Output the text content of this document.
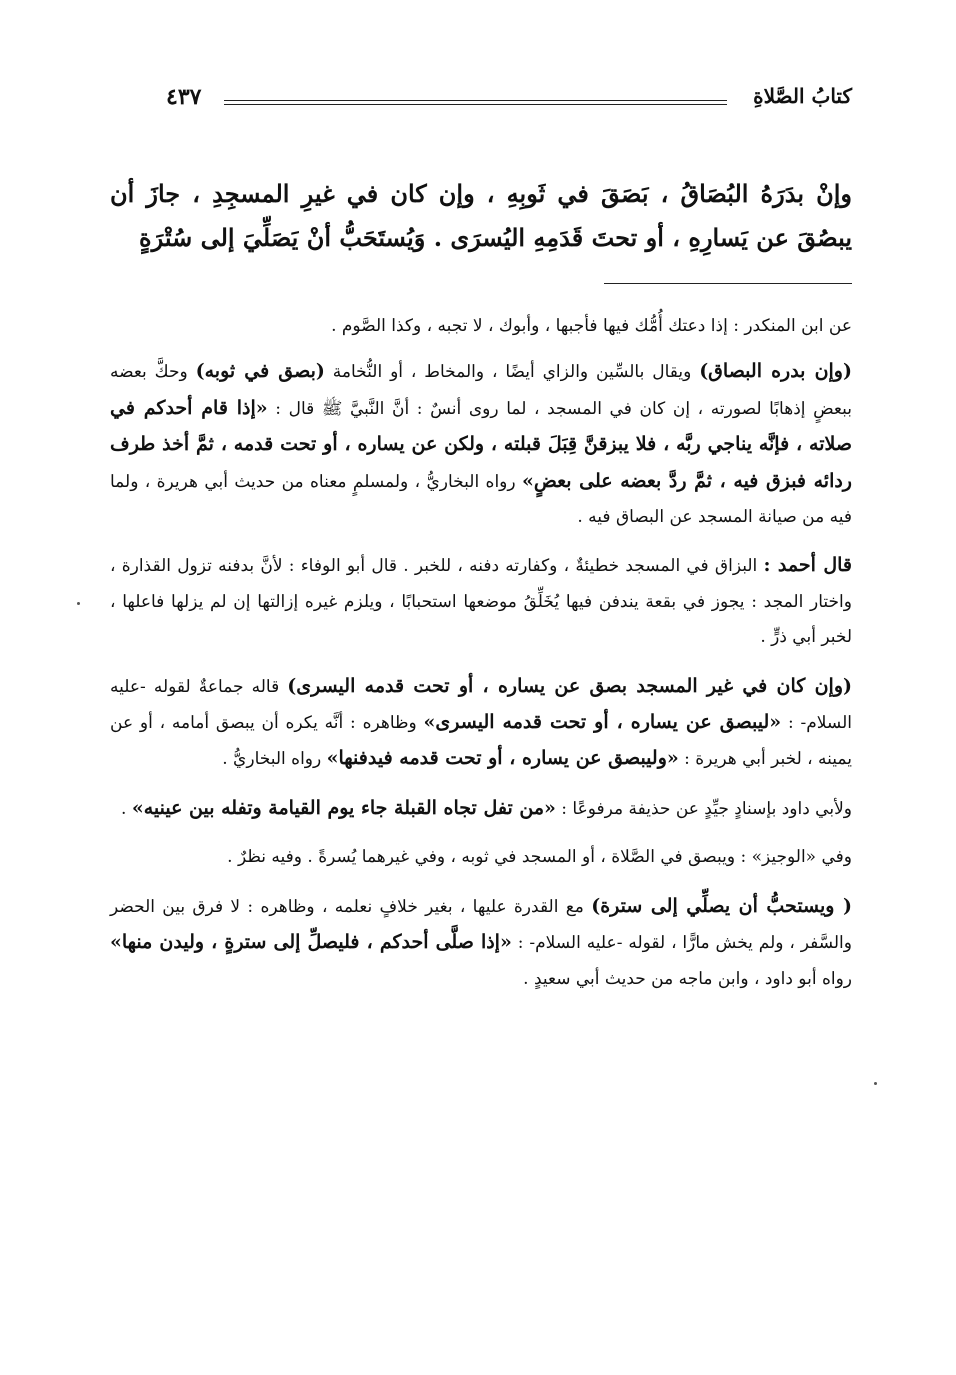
كتابُ الصَّلاةِ
٤٣٧

وإنْ بدَرَهُ البُصَاقُ ، بَصَقَ في ثَوبِهِ ، وإن كان في غيرِ المسجِدِ ، جازَ أن يبصُقَ عن يَسارِهِ ، أو تحتَ قَدَمِهِ اليُسرَى . وَيُستَحَبُّ أنْ يَصَلِّيَ إلى سُتْرَةٍ

عن ابن المنكدر : إذا دعتك أُمُّك فيها فأجبها ، وأبوك ، لا تجبه ، وكذا الصَّوم .

(وإن بدره البصاق) ويقال بالسِّين والزاي أيضًا ، والمخاط ، أو النُّخامة (بصق في ثوبه) وحكَّ بعضه ببعضٍ إذهابًا لصورته ، إن كان في المسجد ، لما روى أنسٌ : أنَّ النَّبيَّ ﷺ قال : «إذا قام أحدكم في صلاته ، فإنَّه يناجي ربَّه ، فلا يبزقنَّ قِبَلَ قبلته ، ولكن عن يساره ، أو تحت قدمه ، ثمَّ أخذ طرف ردائه فبزق فيه ، ثمَّ ردَّ بعضه على بعضٍ» رواه البخاريُّ ، ولمسلمٍ معناه من حديث أبي هريرة ، ولما فيه من صيانة المسجد عن البصاق فيه .

قال أحمد : البزاق في المسجد خطيئةٌ ، وكفارته دفنه ، للخبر . قال أبو الوفاء : لأنَّ بدفنه تزول القذارة ، واختار المجد : يجوز في بقعة يندفن فيها يُخَلِّقُ موضعها استحبابًا ، ويلزم غيره إزالتها إن لم يزلها فاعلها ، لخبر أبي ذرٍّ .

(وإن كان في غير المسجد بصق عن يساره ، أو تحت قدمه اليسرى) قاله جماعةٌ لقوله -عليه السلام- : «ليبصق عن يساره ، أو تحت قدمه اليسرى» وظاهره : أنَّه يكره أن يبصق أمامه ، أو عن يمينه ، لخبر أبي هريرة : «وليبصق عن يساره ، أو تحت قدمه فيدفنها» رواه البخاريُّ .

ولأبي داود بإسنادٍ جيِّدٍ عن حذيفة مرفوعًا : «من تفل تجاه القبلة جاء يوم القيامة وتفله بين عينيه» .

وفي «الوجيز» : ويبصق في الصَّلاة ، أو المسجد في ثوبه ، وفي غيرهما يُسرةً . وفيه نظرٌ .

( ويستحبُّ أن يصلِّي إلى سترة) مع القدرة عليها ، بغير خلافٍ نعلمه ، وظاهره : لا فرق بين الحضر والسَّفر ، ولم يخش مارًّا ، لقوله -عليه السلام- : «إذا صلَّى أحدكم ، فليصلِّ إلى سترةٍ ، وليدن منها» رواه أبو داود ، وابن ماجه من حديث أبي سعيدٍ .
